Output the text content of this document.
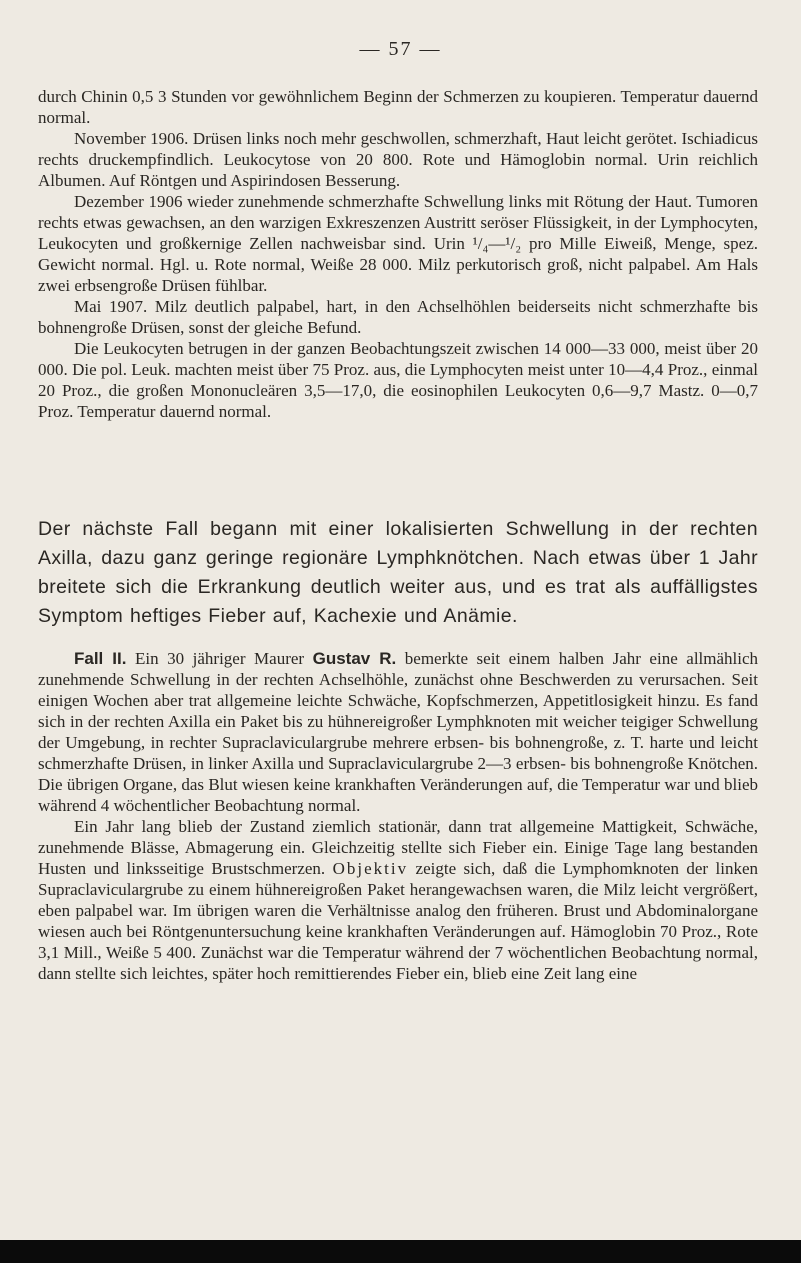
— 57 —

durch Chinin 0,5 3 Stunden vor gewöhnlichem Beginn der Schmerzen zu koupieren. Temperatur dauernd normal.

November 1906. Drüsen links noch mehr geschwollen, schmerzhaft, Haut leicht gerötet. Ischiadicus rechts druckempfindlich. Leukocytose von 20 800. Rote und Hämoglobin normal. Urin reichlich Albumen. Auf Röntgen und Aspirindosen Besserung.

Dezember 1906 wieder zunehmende schmerzhafte Schwellung links mit Rötung der Haut. Tumoren rechts etwas gewachsen, an den warzigen Exkreszenzen Austritt seröser Flüssigkeit, in der Lymphocyten, Leukocyten und großkernige Zellen nachweisbar sind. Urin ¹/₄—¹/₂ pro Mille Eiweiß, Menge, spez. Gewicht normal. Hgl. u. Rote normal, Weiße 28 000. Milz perkutorisch groß, nicht palpabel. Am Hals zwei erbsengroße Drüsen fühlbar.

Mai 1907. Milz deutlich palpabel, hart, in den Achselhöhlen beiderseits nicht schmerzhafte bis bohnengroße Drüsen, sonst der gleiche Befund.

Die Leukocyten betrugen in der ganzen Beobachtungszeit zwischen 14 000—33 000, meist über 20 000. Die pol. Leuk. machten meist über 75 Proz. aus, die Lymphocyten meist unter 10—4,4 Proz., einmal 20 Proz., die großen Mononucleären 3,5—17,0, die eosinophilen Leukocyten 0,6—9,7 Mastz. 0—0,7 Proz. Temperatur dauernd normal.

Der nächste Fall begann mit einer lokalisierten Schwellung in der rechten Axilla, dazu ganz geringe regionäre Lymphknötchen. Nach etwas über 1 Jahr breitete sich die Erkrankung deutlich weiter aus, und es trat als auffälligstes Symptom heftiges Fieber auf, Kachexie und Anämie.

Fall II. Ein 30 jähriger Maurer Gustav R. bemerkte seit einem halben Jahr eine allmählich zunehmende Schwellung in der rechten Achselhöhle, zunächst ohne Beschwerden zu verursachen. Seit einigen Wochen aber trat allgemeine leichte Schwäche, Kopfschmerzen, Appetitlosigkeit hinzu. Es fand sich in der rechten Axilla ein Paket bis zu hühnereigroßer Lymphknoten mit weicher teigiger Schwellung der Umgebung, in rechter Supraclaviculargrube mehrere erbsen- bis bohnengroße, z. T. harte und leicht schmerzhafte Drüsen, in linker Axilla und Supraclaviculargrube 2—3 erbsen- bis bohnengroße Knötchen. Die übrigen Organe, das Blut wiesen keine krankhaften Veränderungen auf, die Temperatur war und blieb während 4 wöchentlicher Beobachtung normal.

Ein Jahr lang blieb der Zustand ziemlich stationär, dann trat allgemeine Mattigkeit, Schwäche, zunehmende Blässe, Abmagerung ein. Gleichzeitig stellte sich Fieber ein. Einige Tage lang bestanden Husten und linksseitige Brustschmerzen. Objektiv zeigte sich, daß die Lymphomknoten der linken Supraclaviculargrube zu einem hühnereigroßen Paket herangewachsen waren, die Milz leicht vergrößert, eben palpabel war. Im übrigen waren die Verhältnisse analog den früheren. Brust und Abdominalorgane wiesen auch bei Röntgenuntersuchung keine krankhaften Veränderungen auf. Hämoglobin 70 Proz., Rote 3,1 Mill., Weiße 5 400. Zunächst war die Temperatur während der 7 wöchentlichen Beobachtung normal, dann stellte sich leichtes, später hoch remittierendes Fieber ein, blieb eine Zeit lang eine
